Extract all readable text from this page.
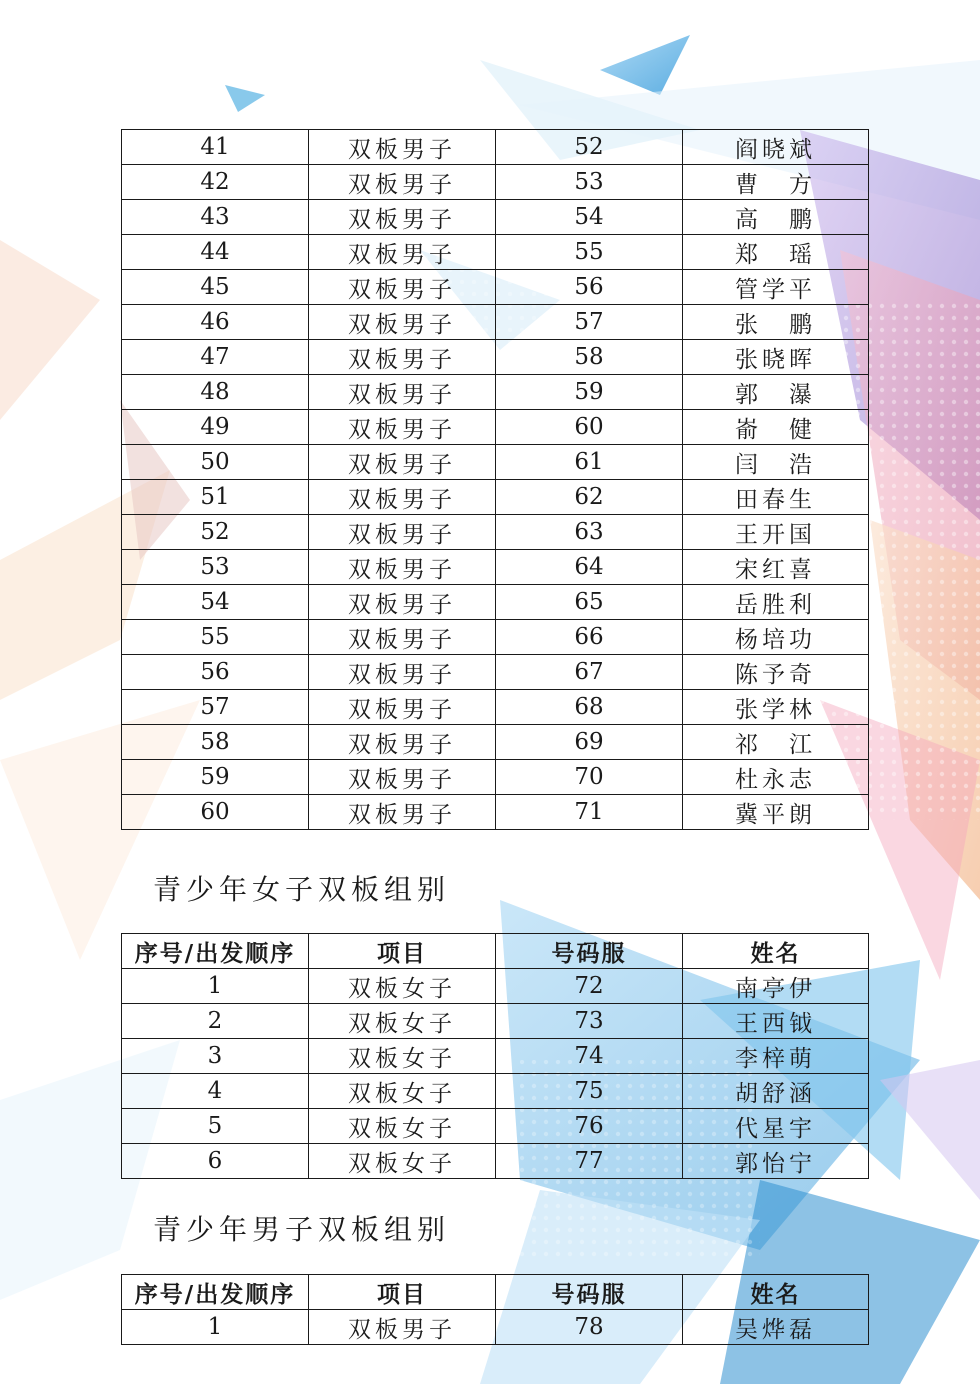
41	双板男子	52	阎晓斌
42	双板男子	53	曹　方
43	双板男子	54	高　鹏
44	双板男子	55	郑　瑶
45	双板男子	56	管学平
46	双板男子	57	张　鹏
47	双板男子	58	张晓晖
48	双板男子	59	郭　瀑
49	双板男子	60	嵛　健
50	双板男子	61	闫　浩
51	双板男子	62	田春生
52	双板男子	63	王开国
53	双板男子	64	宋红喜
54	双板男子	65	岳胜利
55	双板男子	66	杨培功
56	双板男子	67	陈予奇
57	双板男子	68	张学林
58	双板男子	69	祁　江
59	双板男子	70	杜永志
60	双板男子	71	冀平朗
青少年女子双板组别
序号/出发顺序	项目	号码服	姓名
1	双板女子	72	南亭伊
2	双板女子	73	王西钺
3	双板女子	74	李梓萌
4	双板女子	75	胡舒涵
5	双板女子	76	代星宇
6	双板女子	77	郭怡宁
青少年男子双板组别
序号/出发顺序	项目	号码服	姓名
1	双板男子	78	吴烨磊
